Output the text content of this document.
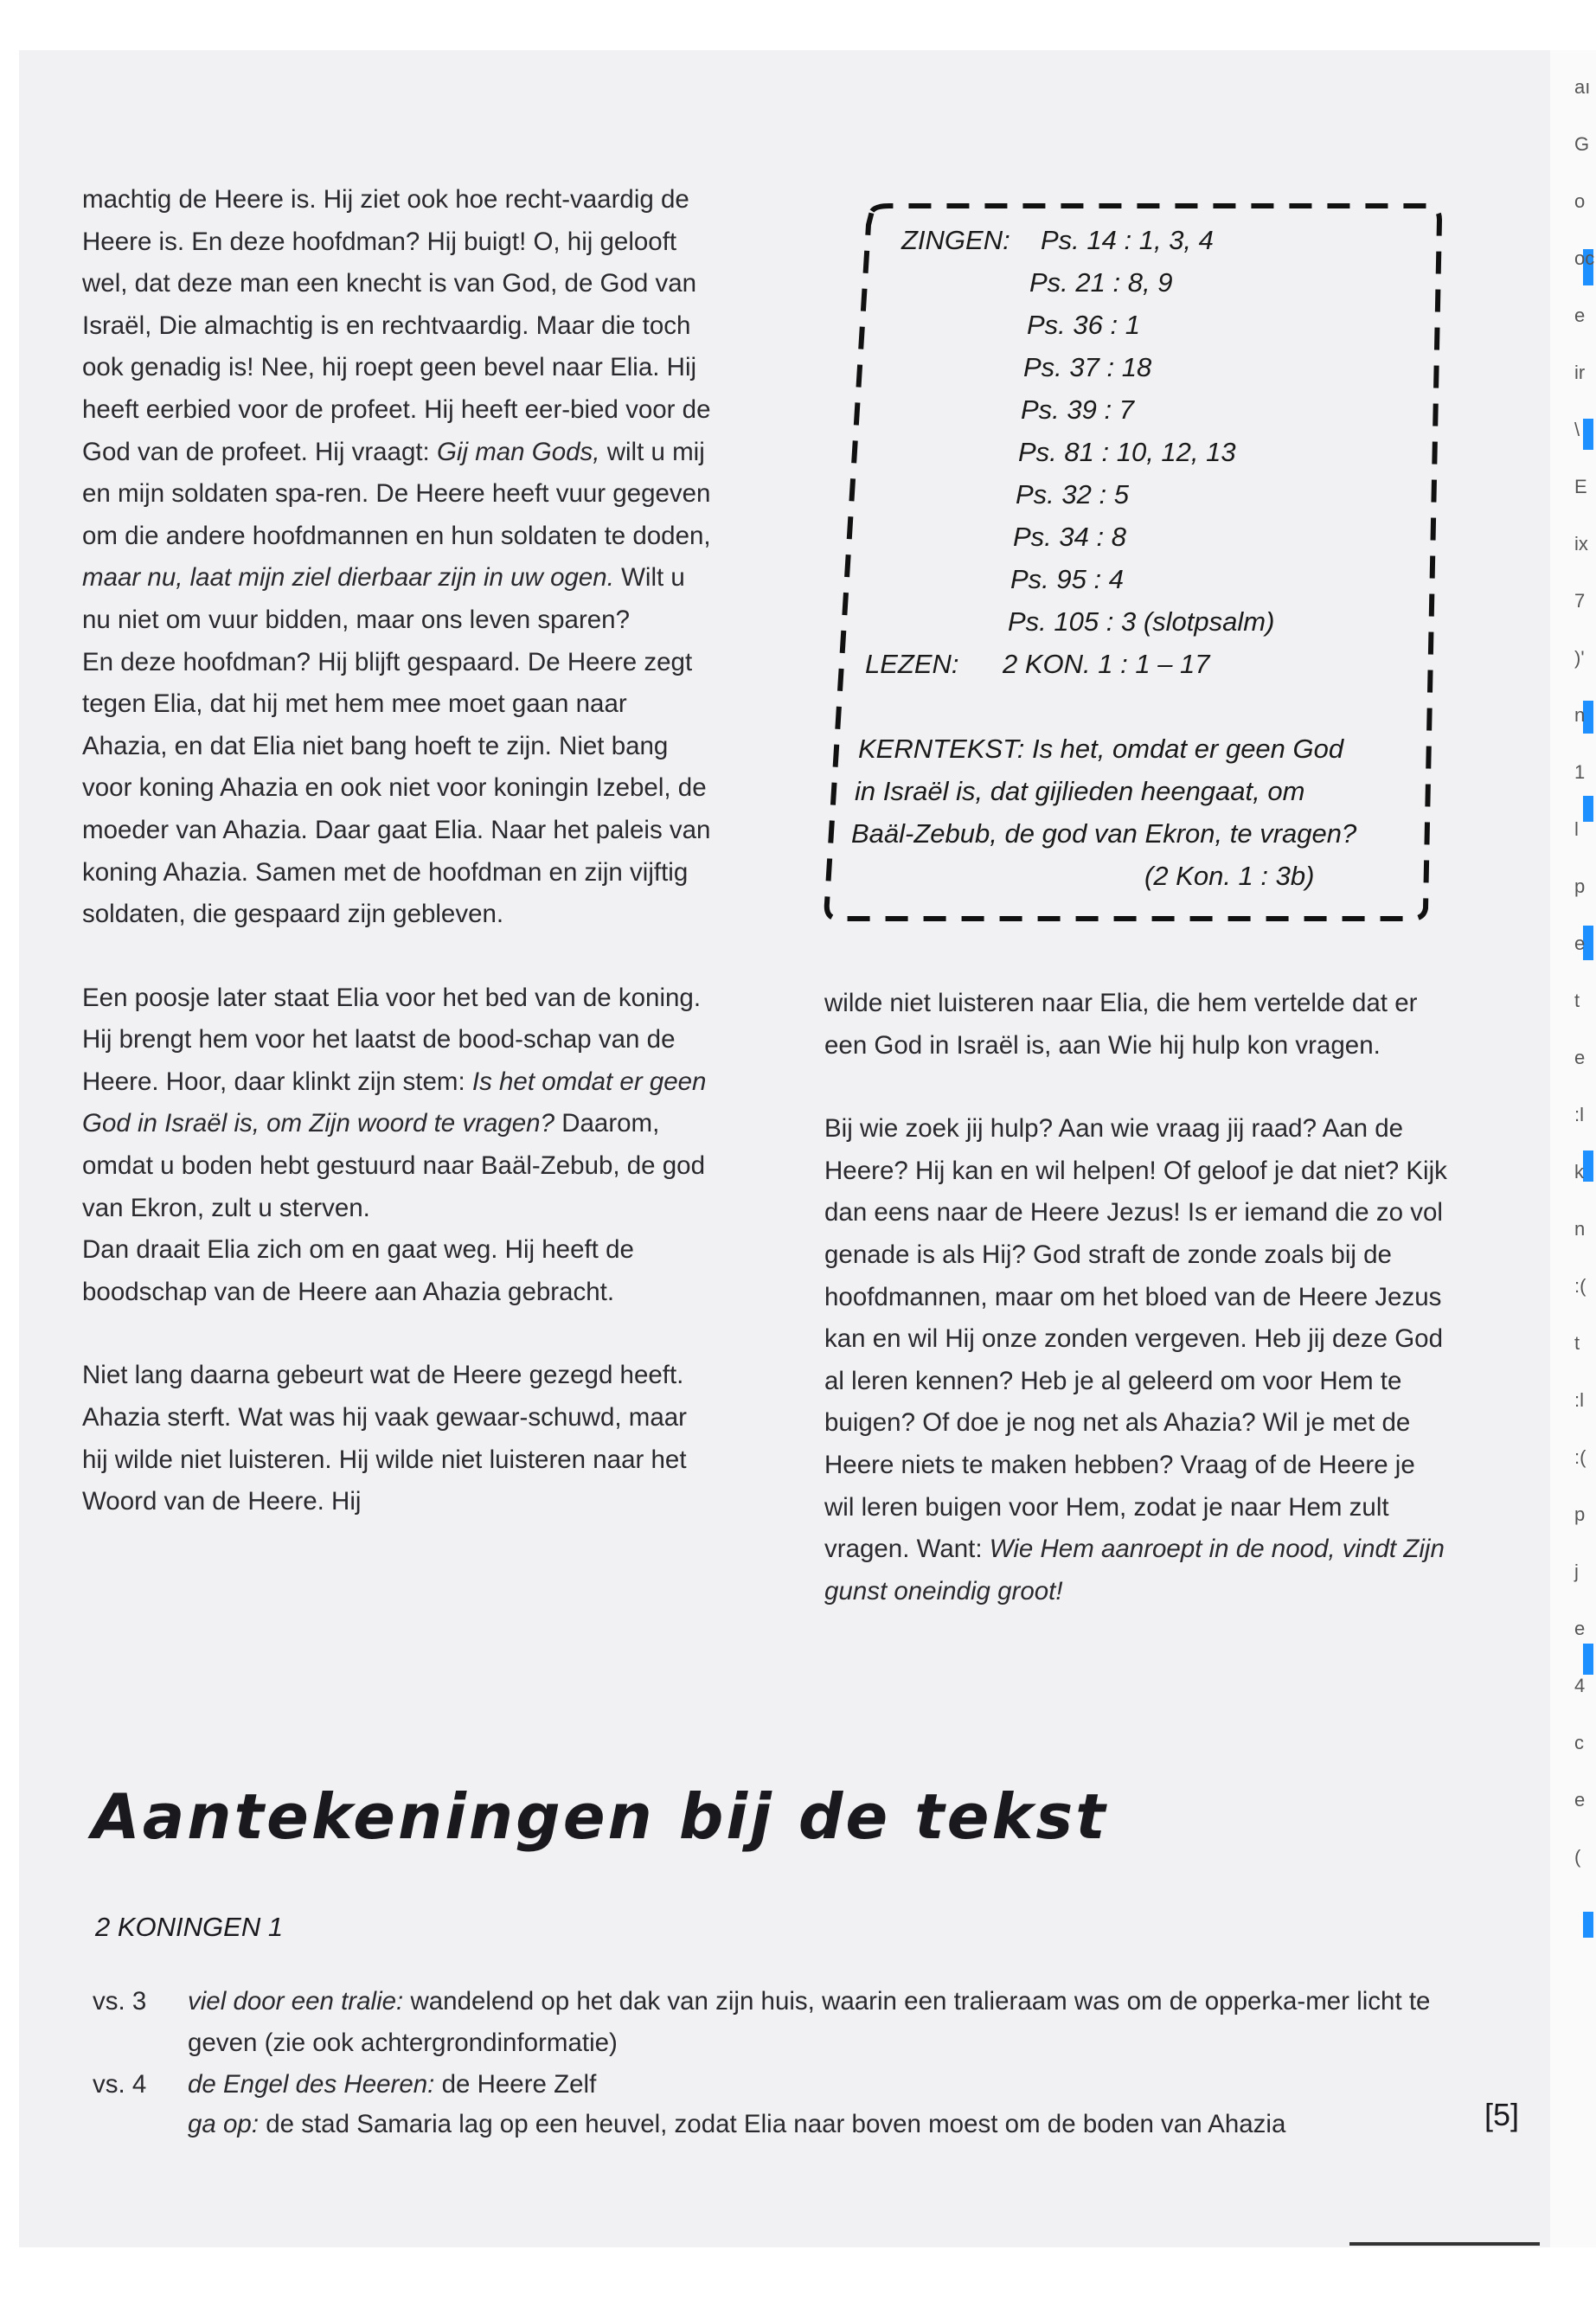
aı
G
o
oc
e
ir
\
E
ix
7
)'
n
1
l
p
e
t
e
:l
k
n
:(
t
:l
:(
p
j
e
4
c
e
(

machtig de Heere is. Hij ziet ook hoe recht-vaardig de Heere is. En deze hoofdman? Hij buigt! O, hij gelooft wel, dat deze man een knecht is van God, de God van Israël, Die almachtig is en rechtvaardig. Maar die toch ook genadig is! Nee, hij roept geen bevel naar Elia. Hij heeft eerbied voor de profeet. Hij heeft eer-bied voor de God van de profeet. Hij vraagt: Gij man Gods, wilt u mij en mijn soldaten spa-ren. De Heere heeft vuur gegeven om die andere hoofdmannen en hun soldaten te doden, maar nu, laat mijn ziel dierbaar zijn in uw ogen. Wilt u nu niet om vuur bidden, maar ons leven sparen?

En deze hoofdman? Hij blijft gespaard. De Heere zegt tegen Elia, dat hij met hem mee moet gaan naar Ahazia, en dat Elia niet bang hoeft te zijn. Niet bang voor koning Ahazia en ook niet voor koningin Izebel, de moeder van Ahazia. Daar gaat Elia. Naar het paleis van koning Ahazia. Samen met de hoofdman en zijn vijftig soldaten, die gespaard zijn gebleven.

Een poosje later staat Elia voor het bed van de koning. Hij brengt hem voor het laatst de bood-schap van de Heere. Hoor, daar klinkt zijn stem: Is het omdat er geen God in Israël is, om Zijn woord te vragen? Daarom, omdat u boden hebt gestuurd naar Baäl-Zebub, de god van Ekron, zult u sterven.

Dan draait Elia zich om en gaat weg. Hij heeft de boodschap van de Heere aan Ahazia gebracht.

Niet lang daarna gebeurt wat de Heere gezegd heeft. Ahazia sterft. Wat was hij vaak gewaar-schuwd, maar hij wilde niet luisteren. Hij wilde niet luisteren naar het Woord van de Heere. Hij

ZINGEN: Ps. 14 : 1, 3, 4
Ps. 21 : 8, 9
Ps. 36 : 1
Ps. 37 : 18
Ps. 39 : 7
Ps. 81 : 10, 12, 13
Ps. 32 : 5
Ps. 34 : 8
Ps. 95 : 4
Ps. 105 : 3 (slotpsalm)
LEZEN: 2 KON. 1 : 1 – 17
KERNTEKST: Is het, omdat er geen God
in Israël is, dat gijlieden heengaat, om
Baäl-Zebub, de god van Ekron, te vragen?
(2 Kon. 1 : 3b)

wilde niet luisteren naar Elia, die hem vertelde dat er een God in Israël is, aan Wie hij hulp kon vragen.

Bij wie zoek jij hulp? Aan wie vraag jij raad? Aan de Heere? Hij kan en wil helpen! Of geloof je dat niet? Kijk dan eens naar de Heere Jezus! Is er iemand die zo vol genade is als Hij? God straft de zonde zoals bij de hoofdmannen, maar om het bloed van de Heere Jezus kan en wil Hij onze zonden vergeven. Heb jij deze God al leren kennen? Heb je al geleerd om voor Hem te buigen? Of doe je nog net als Ahazia? Wil je met de Heere niets te maken hebben? Vraag of de Heere je wil leren buigen voor Hem, zodat je naar Hem zult vragen. Want: Wie Hem aanroept in de nood, vindt Zijn gunst oneindig groot!

Aantekeningen bij de tekst
2 KONINGEN 1
vs. 3	viel door een tralie: wandelend op het dak van zijn huis, waarin een tralieraam was om de opperka-mer licht te geven (zie ook achtergrondinformatie)
vs. 4	de Engel des Heeren: de Heere Zelf
ga op: de stad Samaria lag op een heuvel, zodat Elia naar boven moest om de boden van Ahazia	[5]
